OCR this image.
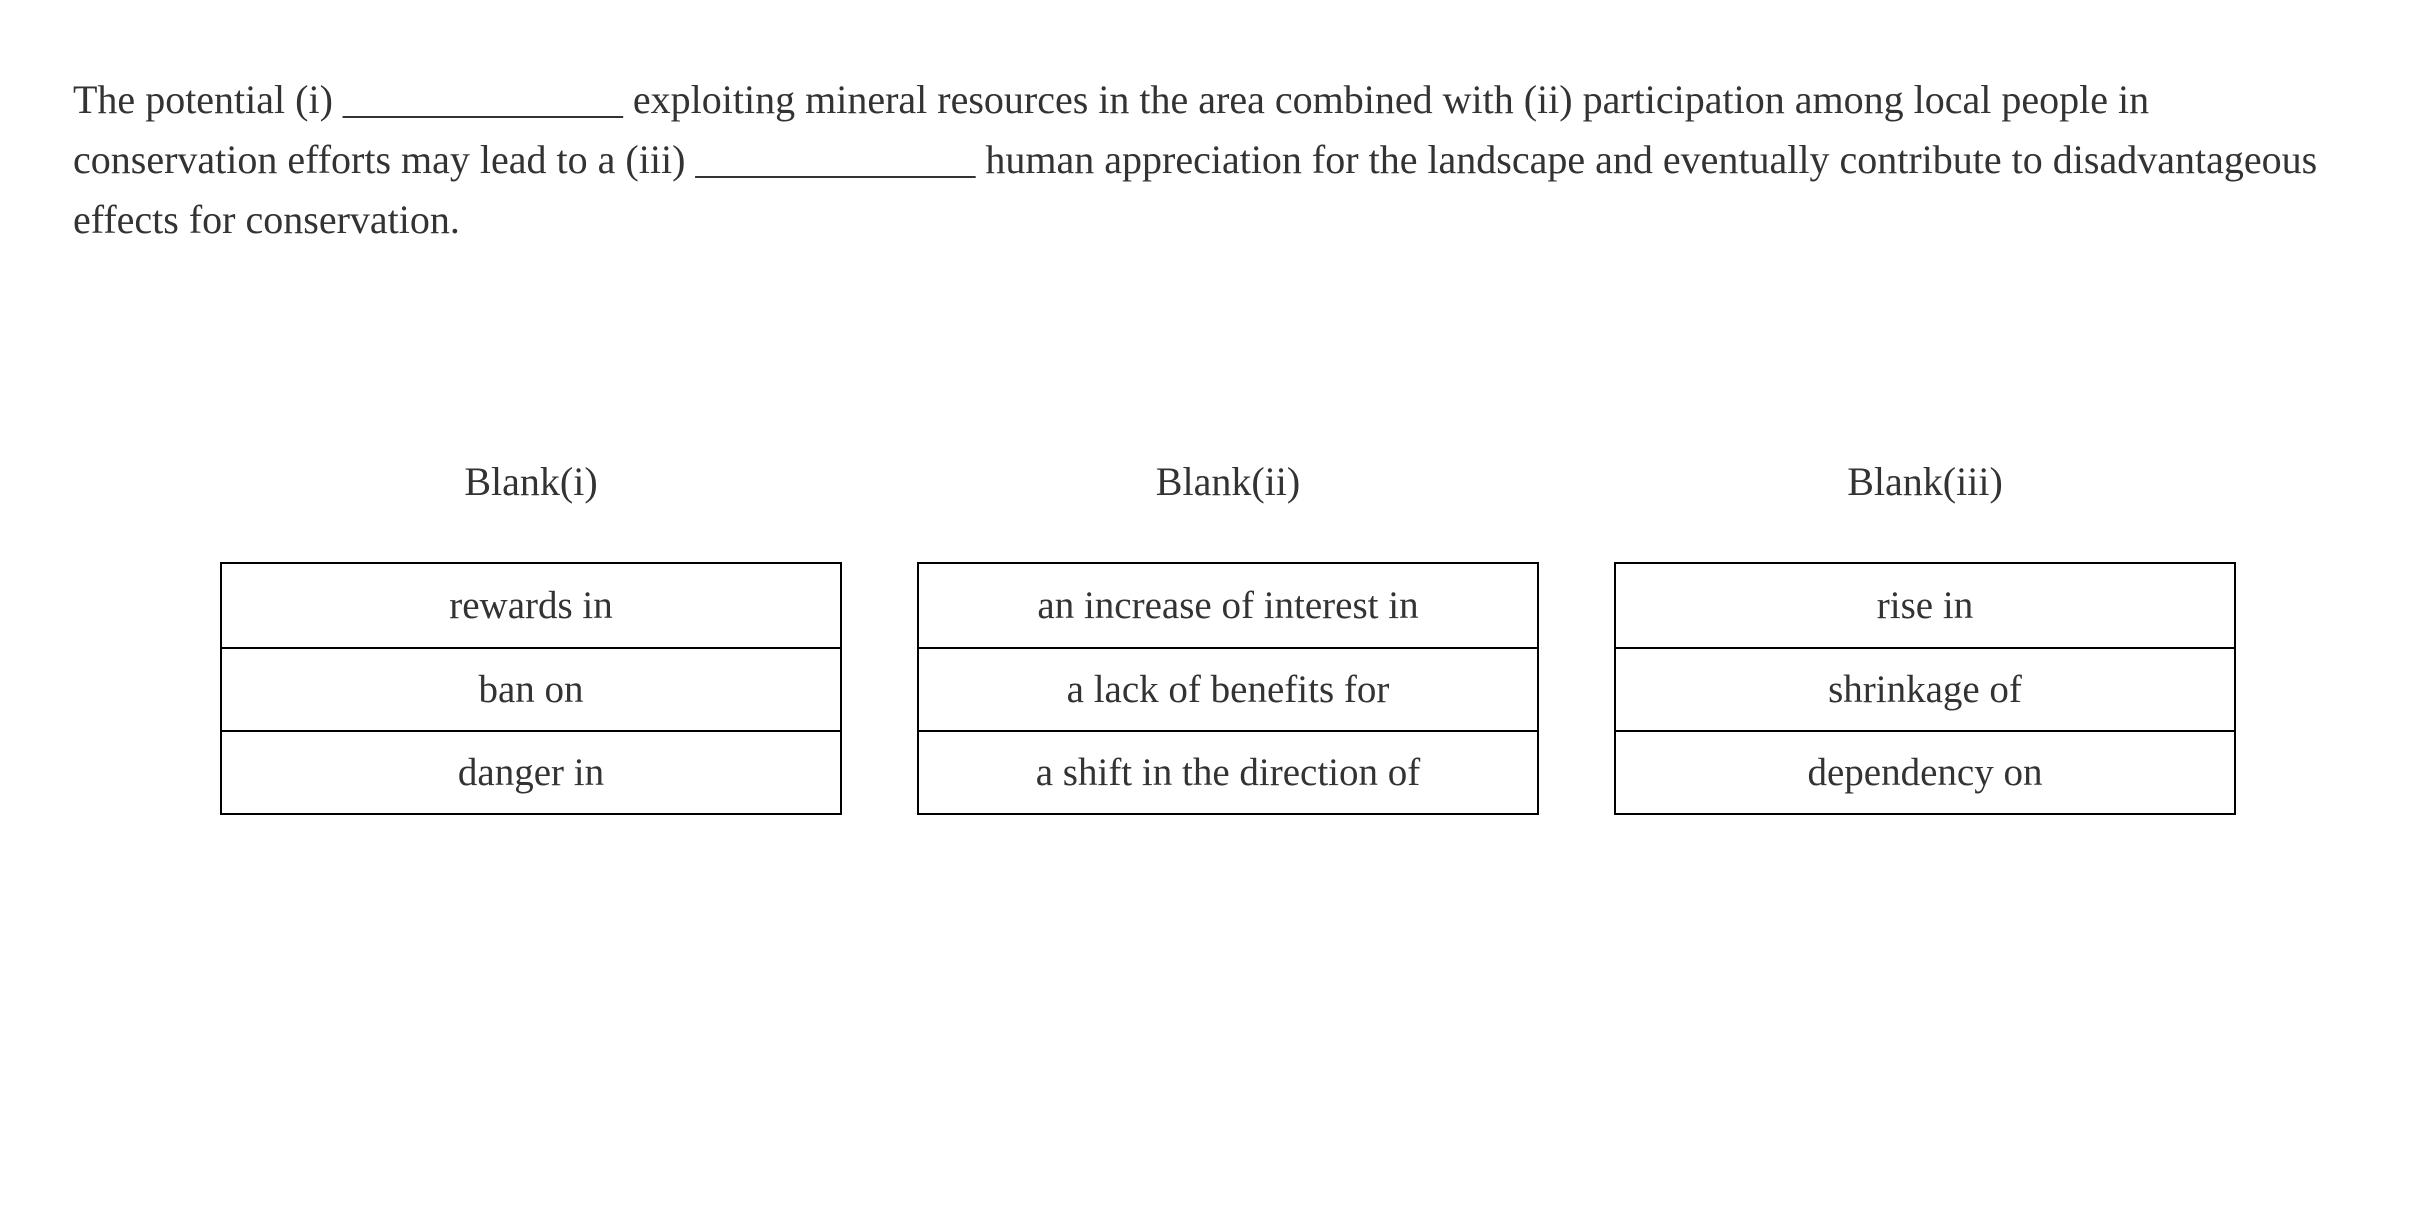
The potential (i) ______________ exploiting mineral resources in the area combined with (ii) participation among local people in conservation efforts may lead to a (iii) ______________ human appreciation for the landscape and eventually contribute to disadvantageous effects for conservation.

Blank(i)
rewards in
ban on
danger in
Blank(ii)
an increase of interest in
a lack of benefits for
a shift in the direction of
Blank(iii)
rise in
shrinkage of
dependency on
